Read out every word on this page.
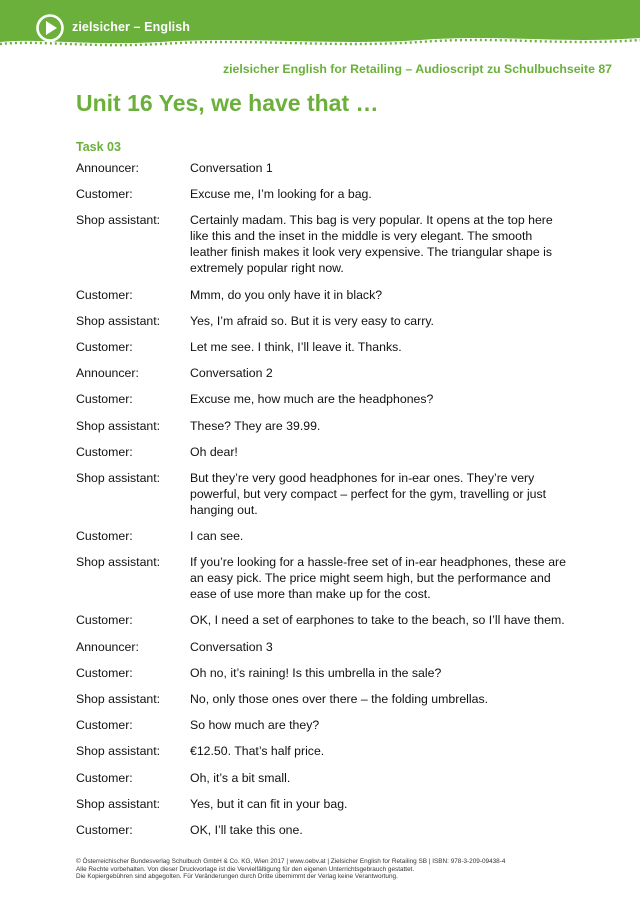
zielsicher – English
zielsicher English for Retailing – Audioscript zu Schulbuchseite 87
Unit 16 Yes, we have that …
Task 03
Announcer:	Conversation 1
Customer:	Excuse me, I’m looking for a bag.
Shop assistant:	Certainly madam. This bag is very popular. It opens at the top here like this and the inset in the middle is very elegant. The smooth leather finish makes it look very expensive. The triangular shape is extremely popular right now.
Customer:	Mmm, do you only have it in black?
Shop assistant:	Yes, I’m afraid so. But it is very easy to carry.
Customer:	Let me see. I think, I’ll leave it. Thanks.
Announcer:	Conversation 2
Customer:	Excuse me, how much are the headphones?
Shop assistant:	These? They are 39.99.
Customer:	Oh dear!
Shop assistant:	But they’re very good headphones for in-ear ones. They’re very powerful, but very compact – perfect for the gym, travelling or just hanging out.
Customer:	I can see.
Shop assistant:	If you’re looking for a hassle-free set of in-ear headphones, these are an easy pick. The price might seem high, but the performance and ease of use more than make up for the cost.
Customer:	OK, I need a set of earphones to take to the beach, so I’ll have them.
Announcer:	Conversation 3
Customer:	Oh no, it’s raining! Is this umbrella in the sale?
Shop assistant:	No, only those ones over there – the folding umbrellas.
Customer:	So how much are they?
Shop assistant:	€12.50. That’s half price.
Customer:	Oh, it’s a bit small.
Shop assistant:	Yes, but it can fit in your bag.
Customer:	OK, I’ll take this one.
© Österreichischer Bundesverlag Schulbuch GmbH & Co. KG, Wien 2017 | www.oebv.at | Zielsicher English for Retailing SB | ISBN: 978-3-209-09438-4
Alle Rechte vorbehalten. Von dieser Druckvorlage ist die Vervielfältigung für den eigenen Unterrichtsgebrauch gestattet.
Die Kopiergebühren sind abgegolten. Für Veränderungen durch Dritte übernimmt der Verlag keine Verantwortung.
